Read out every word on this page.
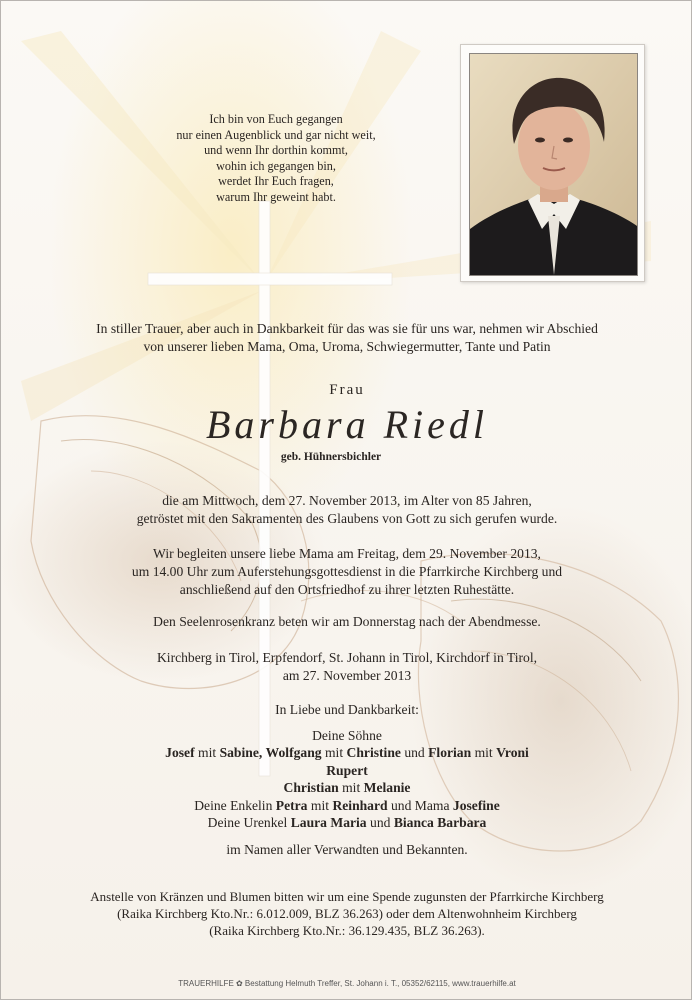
Ich bin von Euch gegangen
nur einen Augenblick und gar nicht weit,
und wenn Ihr dorthin kommt,
wohin ich gegangen bin,
werdet Ihr Euch fragen,
warum Ihr geweint habt.
In stiller Trauer, aber auch in Dankbarkeit für das was sie für uns war, nehmen wir Abschied
von unserer lieben Mama, Oma, Uroma, Schwiegermutter, Tante und Patin
Frau
Barbara Riedl
geb. Hühnersbichler
die am Mittwoch, dem 27. November 2013, im Alter von 85 Jahren,
getröstet mit den Sakramenten des Glaubens von Gott zu sich gerufen wurde.
Wir begleiten unsere liebe Mama am Freitag, dem 29. November 2013,
um 14.00 Uhr zum Auferstehungsgottesdienst in die Pfarrkirche Kirchberg und
anschließend auf den Ortsfriedhof zu ihrer letzten Ruhestätte.
Den Seelenrosenkranz beten wir am Donnerstag nach der Abendmesse.
Kirchberg in Tirol, Erpfendorf, St. Johann in Tirol, Kirchdorf in Tirol,
am 27. November 2013
In Liebe und Dankbarkeit:
Deine Söhne
Josef mit Sabine, Wolfgang mit Christine und Florian mit Vroni
Rupert
Christian mit Melanie
Deine Enkelin Petra mit Reinhard und Mama Josefine
Deine Urenkel Laura Maria und Bianca Barbara
im Namen aller Verwandten und Bekannten.
Anstelle von Kränzen und Blumen bitten wir um eine Spende zugunsten der Pfarrkirche Kirchberg
(Raika Kirchberg Kto.Nr.: 6.012.009, BLZ 36.263) oder dem Altenwohnheim Kirchberg
(Raika Kirchberg Kto.Nr.: 36.129.435, BLZ 36.263).
TRAUERHILFE ✿ Bestattung Helmuth Treffer, St. Johann i. T., 05352/62115, www.trauerhilfe.at
